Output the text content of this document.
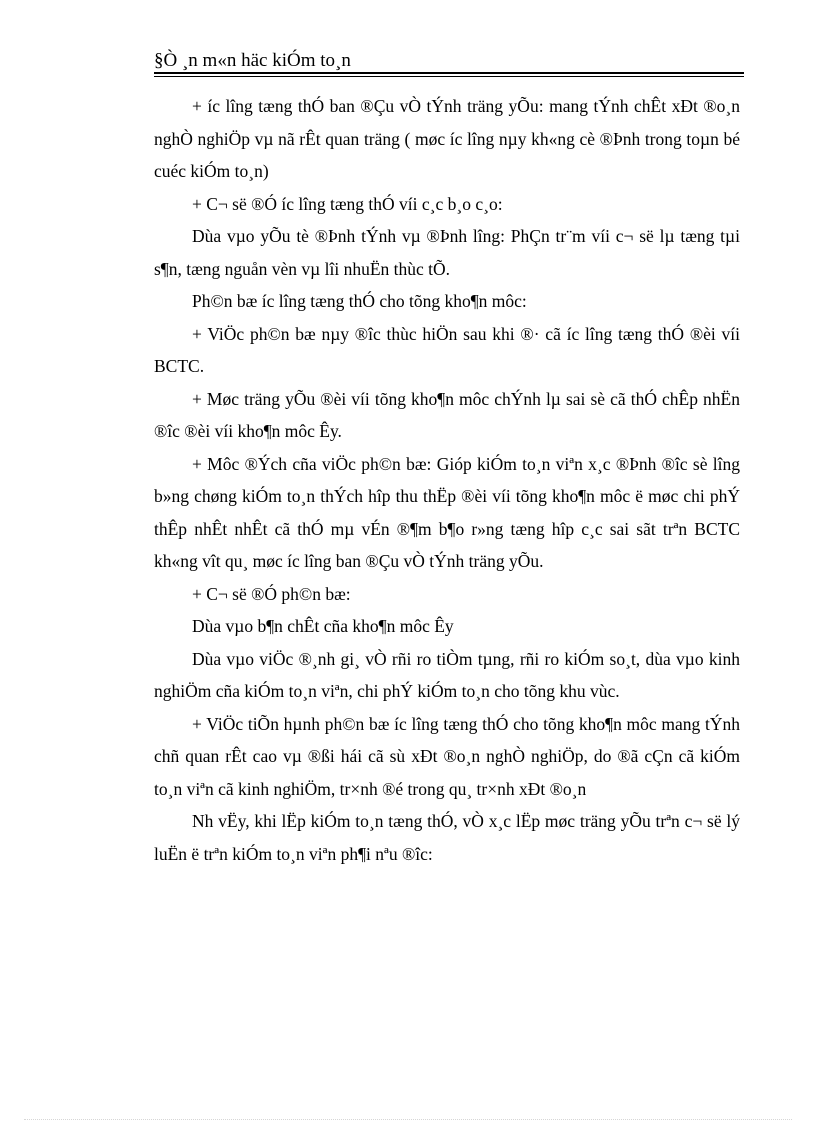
§Ò ¸n m«n häc kiÓm to¸n

+ íc lîng tæng thÓ ban ®Çu vÒ tÝnh träng yÕu: mang tÝnh chÊt xÐt ®o¸n nghÒ nghiÖp vµ nã rÊt quan träng ( møc íc lîng nµy kh«ng cè ®Þnh trong toµn bé cuéc kiÓm to¸n)

+ C¬ së ®Ó íc lîng tæng thÓ víi c¸c b¸o c¸o:

Dùa vµo yÕu tè ®Þnh tÝnh vµ ®Þnh lîng: PhÇn tr¨m víi c¬ së lµ tæng tµi s¶n, tæng nguån vèn vµ lîi nhuËn thùc tÕ.

Ph©n bæ íc lîng tæng thÓ cho tõng kho¶n môc:

+ ViÖc ph©n bæ nµy ®îc thùc hiÖn sau khi ®· cã íc lîng tæng thÓ ®èi víi BCTC.

+ Møc träng yÕu ®èi víi tõng kho¶n môc chÝnh lµ sai sè cã thÓ chÊp nhËn ®îc ®èi víi kho¶n môc Êy.

+ Môc ®Ých cña viÖc ph©n bæ: Gióp kiÓm to¸n viªn x¸c ®Þnh ®îc sè lîng b»ng chøng kiÓm to¸n thÝch hîp thu thËp ®èi víi tõng kho¶n môc ë møc chi phÝ thÊp nhÊt nhÊt cã thÓ mµ vÉn ®¶m b¶o r»ng tæng hîp c¸c sai sãt trªn BCTC kh«ng vît qu¸ møc íc lîng ban ®Çu vÒ tÝnh träng yÕu.

+ C¬ së ®Ó ph©n bæ:

Dùa vµo b¶n chÊt cña kho¶n môc Êy

Dùa vµo viÖc ®¸nh gi¸ vÒ rñi ro tiÒm tµng, rñi ro kiÓm so¸t, dùa vµo kinh nghiÖm cña kiÓm to¸n viªn, chi phÝ kiÓm to¸n cho tõng khu vùc.

+ ViÖc tiÕn hµnh ph©n bæ íc lîng tæng thÓ cho tõng kho¶n môc mang tÝnh chñ quan rÊt cao vµ ®ßi hái cã sù xÐt ®o¸n nghÒ nghiÖp, do ®ã cÇn cã kiÓm to¸n viªn cã kinh nghiÖm, tr×nh ®é trong qu¸ tr×nh xÐt ®o¸n

Nh vËy, khi lËp kiÓm to¸n tæng thÓ, vÒ x¸c lËp møc träng yÕu trªn c¬ së lý luËn ë trªn kiÓm to¸n viªn ph¶i nªu ®îc:
